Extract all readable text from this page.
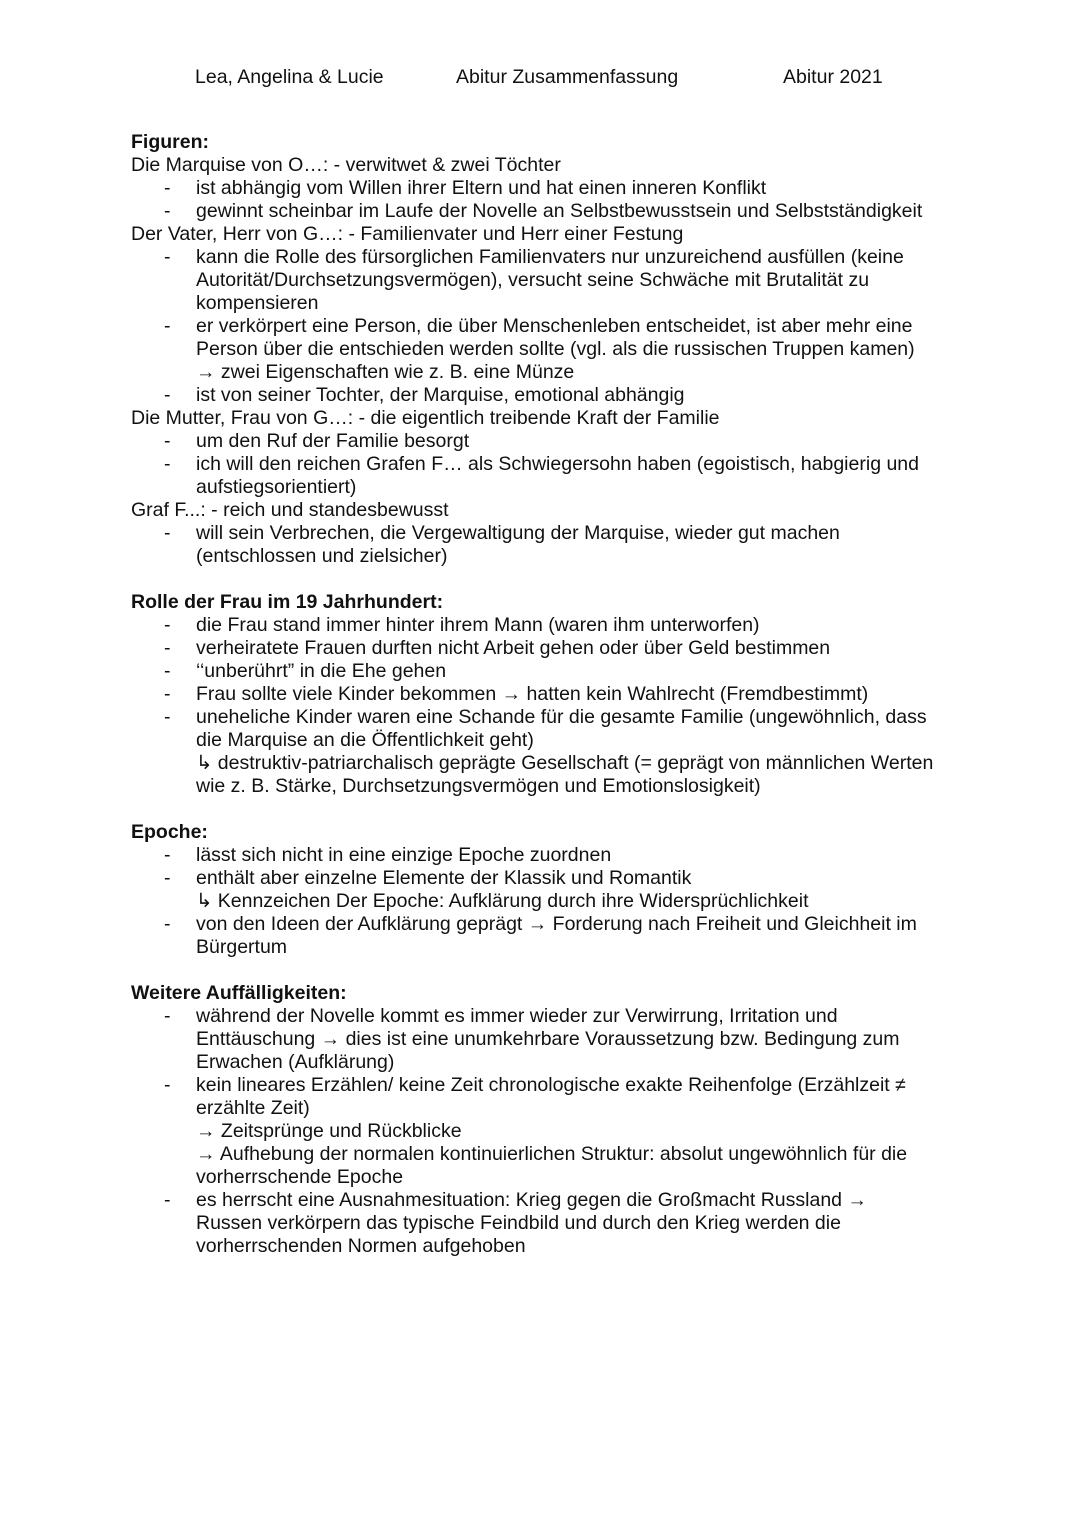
Lea, Angelina & Lucie	Abitur Zusammenfassung	Abitur 2021
Figuren:
Die Marquise von O…: - verwitwet & zwei Töchter
- ist abhängig vom Willen ihrer Eltern und hat einen inneren Konflikt
- gewinnt scheinbar im Laufe der Novelle an Selbstbewusstsein und Selbstständigkeit
Der Vater, Herr von G…: - Familienvater und Herr einer Festung
- kann die Rolle des fürsorglichen Familienvaters nur unzureichend ausfüllen (keine
Autorität/Durchsetzungsvermögen), versucht seine Schwäche mit Brutalität zu
kompensieren
- er verkörpert eine Person, die über Menschenleben entscheidet, ist aber mehr eine
Person über die entschieden werden sollte (vgl. als die russischen Truppen kamen)
→ zwei Eigenschaften wie z. B. eine Münze
- ist von seiner Tochter, der Marquise, emotional abhängig
Die Mutter, Frau von G…: - die eigentlich treibende Kraft der Familie
- um den Ruf der Familie besorgt
- ich will den reichen Grafen F… als Schwiegersohn haben (egoistisch, habgierig und
aufstiegsorientiert)
Graf F...: - reich und standesbewusst
- will sein Verbrechen, die Vergewaltigung der Marquise, wieder gut machen
(entschlossen und zielsicher)
Rolle der Frau im 19 Jahrhundert:
- die Frau stand immer hinter ihrem Mann (waren ihm unterworfen)
- verheiratete Frauen durften nicht Arbeit gehen oder über Geld bestimmen
- ‘‘unberührt” in die Ehe gehen
- Frau sollte viele Kinder bekommen → hatten kein Wahlrecht (Fremdbestimmt)
- uneheliche Kinder waren eine Schande für die gesamte Familie (ungewöhnlich, dass
die Marquise an die Öffentlichkeit geht)
↳ destruktiv-patriarchalisch geprägte Gesellschaft (= geprägt von männlichen Werten
wie z. B. Stärke, Durchsetzungsvermögen und Emotionslosigkeit)
Epoche:
- lässt sich nicht in eine einzige Epoche zuordnen
- enthält aber einzelne Elemente der Klassik und Romantik
↳ Kennzeichen Der Epoche: Aufklärung durch ihre Widersprüchlichkeit
- von den Ideen der Aufklärung geprägt → Forderung nach Freiheit und Gleichheit im
Bürgertum
Weitere Auffälligkeiten:
- während der Novelle kommt es immer wieder zur Verwirrung, Irritation und
Enttäuschung → dies ist eine unumkehrbare Voraussetzung bzw. Bedingung zum
Erwachen (Aufklärung)
- kein lineares Erzählen/ keine Zeit chronologische exakte Reihenfolge (Erzählzeit ≠
erzählte Zeit)
→ Zeitsprünge und Rückblicke
→ Aufhebung der normalen kontinuierlichen Struktur: absolut ungewöhnlich für die
vorherrschende Epoche
- es herrscht eine Ausnahmesituation: Krieg gegen die Großmacht Russland →
Russen verkörpern das typische Feindbild und durch den Krieg werden die
vorherrschenden Normen aufgehoben
